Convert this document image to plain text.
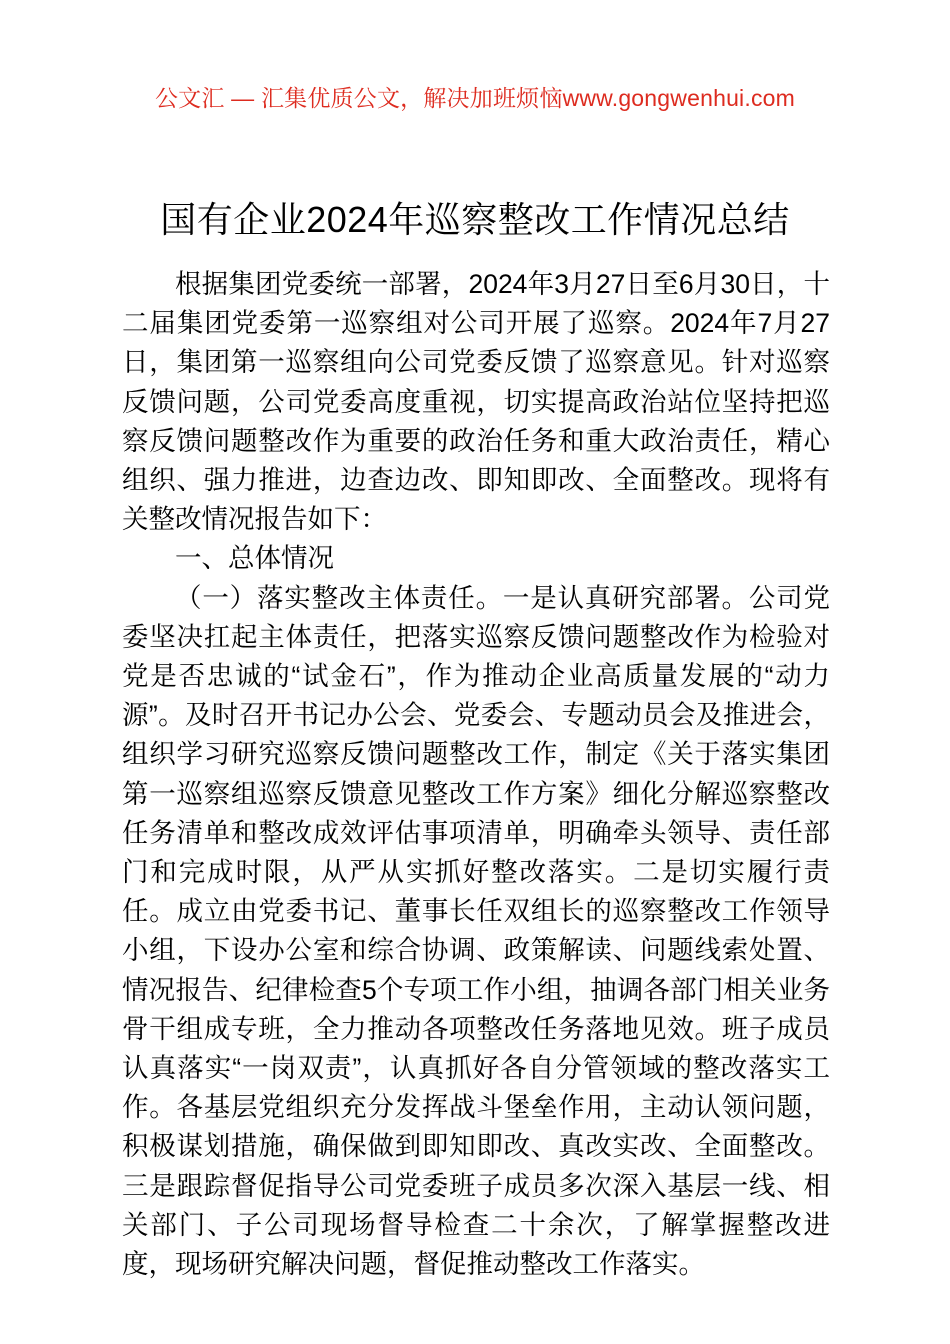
公文汇 — 汇集优质公文，解决加班烦恼www.gongwenhui.com
国有企业2024年巡察整改工作情况总结

根据集团党委统一部署，2024年3月27日至6月30日，十二届集团党委第一巡察组对公司开展了巡察。2024年7月27日，集团第一巡察组向公司党委反馈了巡察意见。针对巡察反馈问题，公司党委高度重视，切实提高政治站位坚持把巡察反馈问题整改作为重要的政治任务和重大政治责任，精心组织、强力推进，边查边改、即知即改、全面整改。现将有关整改情况报告如下：

一、总体情况

（一）落实整改主体责任。一是认真研究部署。公司党委坚决扛起主体责任，把落实巡察反馈问题整改作为检验对党是否忠诚的“试金石”，作为推动企业高质量发展的“动力源”。及时召开书记办公会、党委会、专题动员会及推进会，组织学习研究巡察反馈问题整改工作，制定《关于落实集团第一巡察组巡察反馈意见整改工作方案》细化分解巡察整改任务清单和整改成效评估事项清单，明确牵头领导、责任部门和完成时限，从严从实抓好整改落实。二是切实履行责任。成立由党委书记、董事长任双组长的巡察整改工作领导小组，下设办公室和综合协调、政策解读、问题线索处置、情况报告、纪律检查5个专项工作小组，抽调各部门相关业务骨干组成专班，全力推动各项整改任务落地见效。班子成员认真落实“一岗双责”，认真抓好各自分管领域的整改落实工作。各基层党组织充分发挥战斗堡垒作用，主动认领问题，积极谋划措施，确保做到即知即改、真改实改、全面整改。三是跟踪督促指导公司党委班子成员多次深入基层一线、相关部门、子公司现场督导检查二十余次，了解掌握整改进度，现场研究解决问题，督促推动整改工作落实。
